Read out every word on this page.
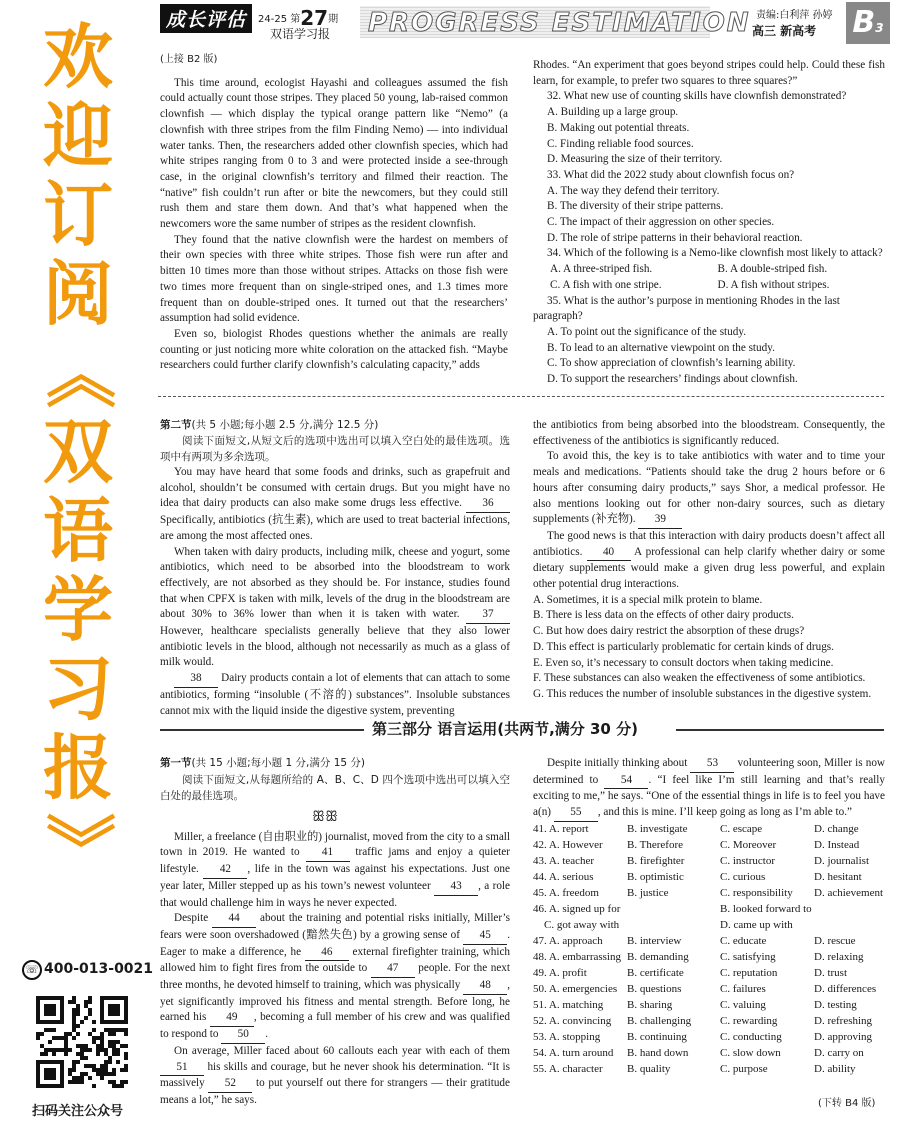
成长评估	24-25 第27期
双语学习报 PROGRESS ESTIMATION 责编:白利萍 孙婷
高三 新高考 B3
欢
迎
订
阅
《
双
语
学
习
报
》
☏ 400-013-0021
扫码关注公众号
(上接 B2 版)

This time around, ecologist Hayashi and colleagues assumed the fish could actually count those stripes. They placed 50 young, lab-raised common clownfish — which display the typical orange pattern like “Nemo” (a clownfish with three stripes from the film Finding Nemo) — into individual water tanks. Then, the researchers added other clownfish species, which had white stripes ranging from 0 to 3 and were protected inside a see-through case, in the original clownfish’s territory and filmed their reaction. The “native” fish couldn’t run after or bite the newcomers, but they could still rush them and stare them down. And that’s what happened when the newcomers wore the same number of stripes as the resident clownfish.

They found that the native clownfish were the hardest on members of their own species with three white stripes. Those fish were run after and bitten 10 times more than those without stripes. Attacks on those fish were two times more frequent than on single-striped ones, and 1.3 times more frequent than on double-striped ones. It turned out that the researchers’ assumption had solid evidence.

Even so, biologist Rhodes questions whether the animals are really counting or just noticing more white coloration on the attacked fish. “Maybe researchers could further clarify clownfish’s calculating capacity,” adds

Rhodes. “An experiment that goes beyond stripes could help. Could these fish learn, for example, to prefer two squares to three squares?”

32. What new use of counting skills have clownfish demonstrated?

A. Building up a large group.

B. Making out potential threats.

C. Finding reliable food sources.

D. Measuring the size of their territory.

33. What did the 2022 study about clownfish focus on?

A. The way they defend their territory.

B. The diversity of their stripe patterns.

C. The impact of their aggression on other species.

D. The role of stripe patterns in their behavioral reaction.

34. Which of the following is a Nemo-like clownfish most likely to attack?

A. A three-striped fish.	B. A double-striped fish.
C. A fish with one stripe.	D. A fish without stripes.

35. What is the author’s purpose in mentioning Rhodes in the last paragraph?

A. To point out the significance of the study.

B. To lead to an alternative viewpoint on the study.

C. To show appreciation of clownfish’s learning ability.

D. To support the researchers’ findings about clownfish.

第二节(共 5 小题;每小题 2.5 分,满分 12.5 分)
阅读下面短文,从短文后的选项中选出可以填入空白处的最佳选项。选项中有两项为多余选项。

You may have heard that some foods and drinks, such as grapefruit and alcohol, shouldn’t be consumed with certain drugs. But you might have no idea that dairy products can also make some drugs less effective. 36 Specifically, antibiotics (抗生素), which are used to treat bacterial infections, are among the most affected ones.

When taken with dairy products, including milk, cheese and yogurt, some antibiotics, which need to be absorbed into the bloodstream to work effectively, are not absorbed as they should be. For instance, studies found that when CPFX is taken with milk, levels of the drug in the bloodstream are about 30% to 36% lower than when it is taken with water. 37 However, healthcare specialists generally believe that they also lower antibiotic levels in the blood, although not necessarily as much as a glass of milk would.

38 Dairy products contain a lot of elements that can attach to some antibiotics, forming “insoluble (不溶的) substances”. Insoluble substances cannot mix with the liquid inside the digestive system, preventing

the antibiotics from being absorbed into the bloodstream. Consequently, the effectiveness of the antibiotics is significantly reduced.

To avoid this, the key is to take antibiotics with water and to time your meals and medications. “Patients should take the drug 2 hours before or 6 hours after consuming dairy products,” says Shor, a medical professor. He also mentions looking out for other non-dairy sources, such as dietary supplements (补充物). 39

The good news is that this interaction with dairy products doesn’t affect all antibiotics. 40 A professional can help clarify whether dairy or some dietary supplements would make a given drug less powerful, and explain other potential drug interactions.

A. Sometimes, it is a special milk protein to blame.

B. There is less data on the effects of other dairy products.

C. But how does dairy restrict the absorption of these drugs?

D. This effect is particularly problematic for certain kinds of drugs.

E. Even so, it’s necessary to consult doctors when taking medicine.

F. These substances can also weaken the effectiveness of some antibiotics.

G. This reduces the number of insoluble substances in the digestive system.

第三部分 语言运用(共两节,满分 30 分)
第一节(共 15 小题;每小题 1 分,满分 15 分)
阅读下面短文,从每题所给的 A、B、C、D 四个选项中选出可以填入空白处的最佳选项。

Miller, a freelance (自由职业的) journalist, moved from the city to a small town in 2019. He wanted to 41 traffic jams and enjoy a quieter lifestyle. 42 , life in the town was against his expectations. Just one year later, Miller stepped up as his town’s newest volunteer 43 , a role that would challenge him in ways he never expected.

Despite 44 about the training and potential risks initially, Miller’s fears were soon overshadowed (黯然失色) by a growing sense of 45 . Eager to make a difference, he 46 external firefighter training, which allowed him to fight fires from the outside to 47 people. For the next three months, he devoted himself to training, which was physically 48 , yet significantly improved his fitness and mental strength. Before long, he earned his 49 , becoming a full member of his crew and was qualified to respond to 50 .

On average, Miller faced about 60 callouts each year with each of them 51 his skills and courage, but he never shook his determination. “It is massively 52 to put yourself out there for strangers — their gratitude means a lot,” he says.

ꕥꕥ

Despite initially thinking about 53 volunteering soon, Miller is now determined to 54 . “I feel like I’m still learning and that’s really exciting to me,” he says. “One of the essential things in life is to feel you have a(n) 55 , and this is mine. I’ll keep going as long as I’m able to.”

41. A. report	B. investigate	C. escape	D. change
42. A. However	B. Therefore	C. Moreover	D. Instead
43. A. teacher	B. firefighter	C. instructor	D. journalist
44. A. serious	B. optimistic	C. curious	D. hesitant
45. A. freedom	B. justice	C. responsibility	D. achievement
46. A. signed up for		B. looked forward to	
C. got away with		D. came up with	
47. A. approach	B. interview	C. educate	D. rescue
48. A. embarrassing	B. demanding	C. satisfying	D. relaxing
49. A. profit	B. certificate	C. reputation	D. trust
50. A. emergencies	B. questions	C. failures	D. differences
51. A. matching	B. sharing	C. valuing	D. testing
52. A. convincing	B. challenging	C. rewarding	D. refreshing
53. A. stopping	B. continuing	C. conducting	D. approving
54. A. turn around	B. hand down	C. slow down	D. carry on
55. A. character	B. quality	C. purpose	D. ability
(下转 B4 版)
